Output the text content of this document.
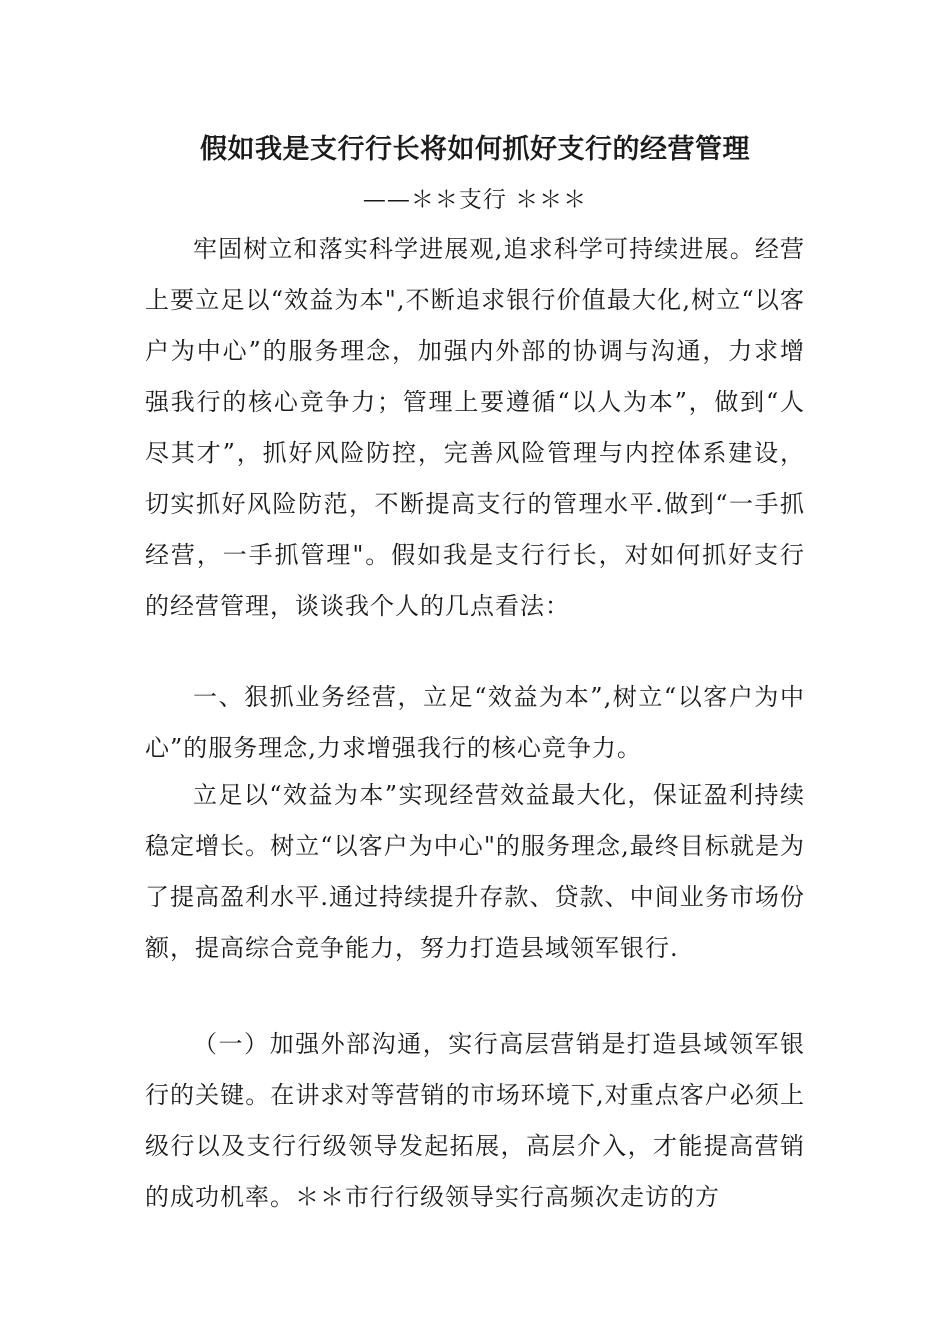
假如我是支行行长将如何抓好支行的经营管理

——＊＊支行 ＊＊＊

牢固树立和落实科学进展观,追求科学可持续进展。经营上要立足以“效益为本",不断追求银行价值最大化,树立“以客户为中心”的服务理念，加强内外部的协调与沟通，力求增强我行的核心竞争力；管理上要遵循“以人为本”，做到“人尽其才”，抓好风险防控，完善风险管理与内控体系建设，切实抓好风险防范，不断提高支行的管理水平.做到“一手抓经营，一手抓管理"。假如我是支行行长，对如何抓好支行的经营管理，谈谈我个人的几点看法：

一、狠抓业务经营，立足“效益为本”,树立“以客户为中心”的服务理念,力求增强我行的核心竞争力。

立足以“效益为本”实现经营效益最大化，保证盈利持续稳定增长。树立“以客户为中心"的服务理念,最终目标就是为了提高盈利水平.通过持续提升存款、贷款、中间业务市场份额，提高综合竞争能力，努力打造县域领军银行.

（一）加强外部沟通，实行高层营销是打造县域领军银行的关键。在讲求对等营销的市场环境下,对重点客户必须上级行以及支行行级领导发起拓展，高层介入，才能提高营销的成功机率。＊＊市行行级领导实行高频次走访的方
